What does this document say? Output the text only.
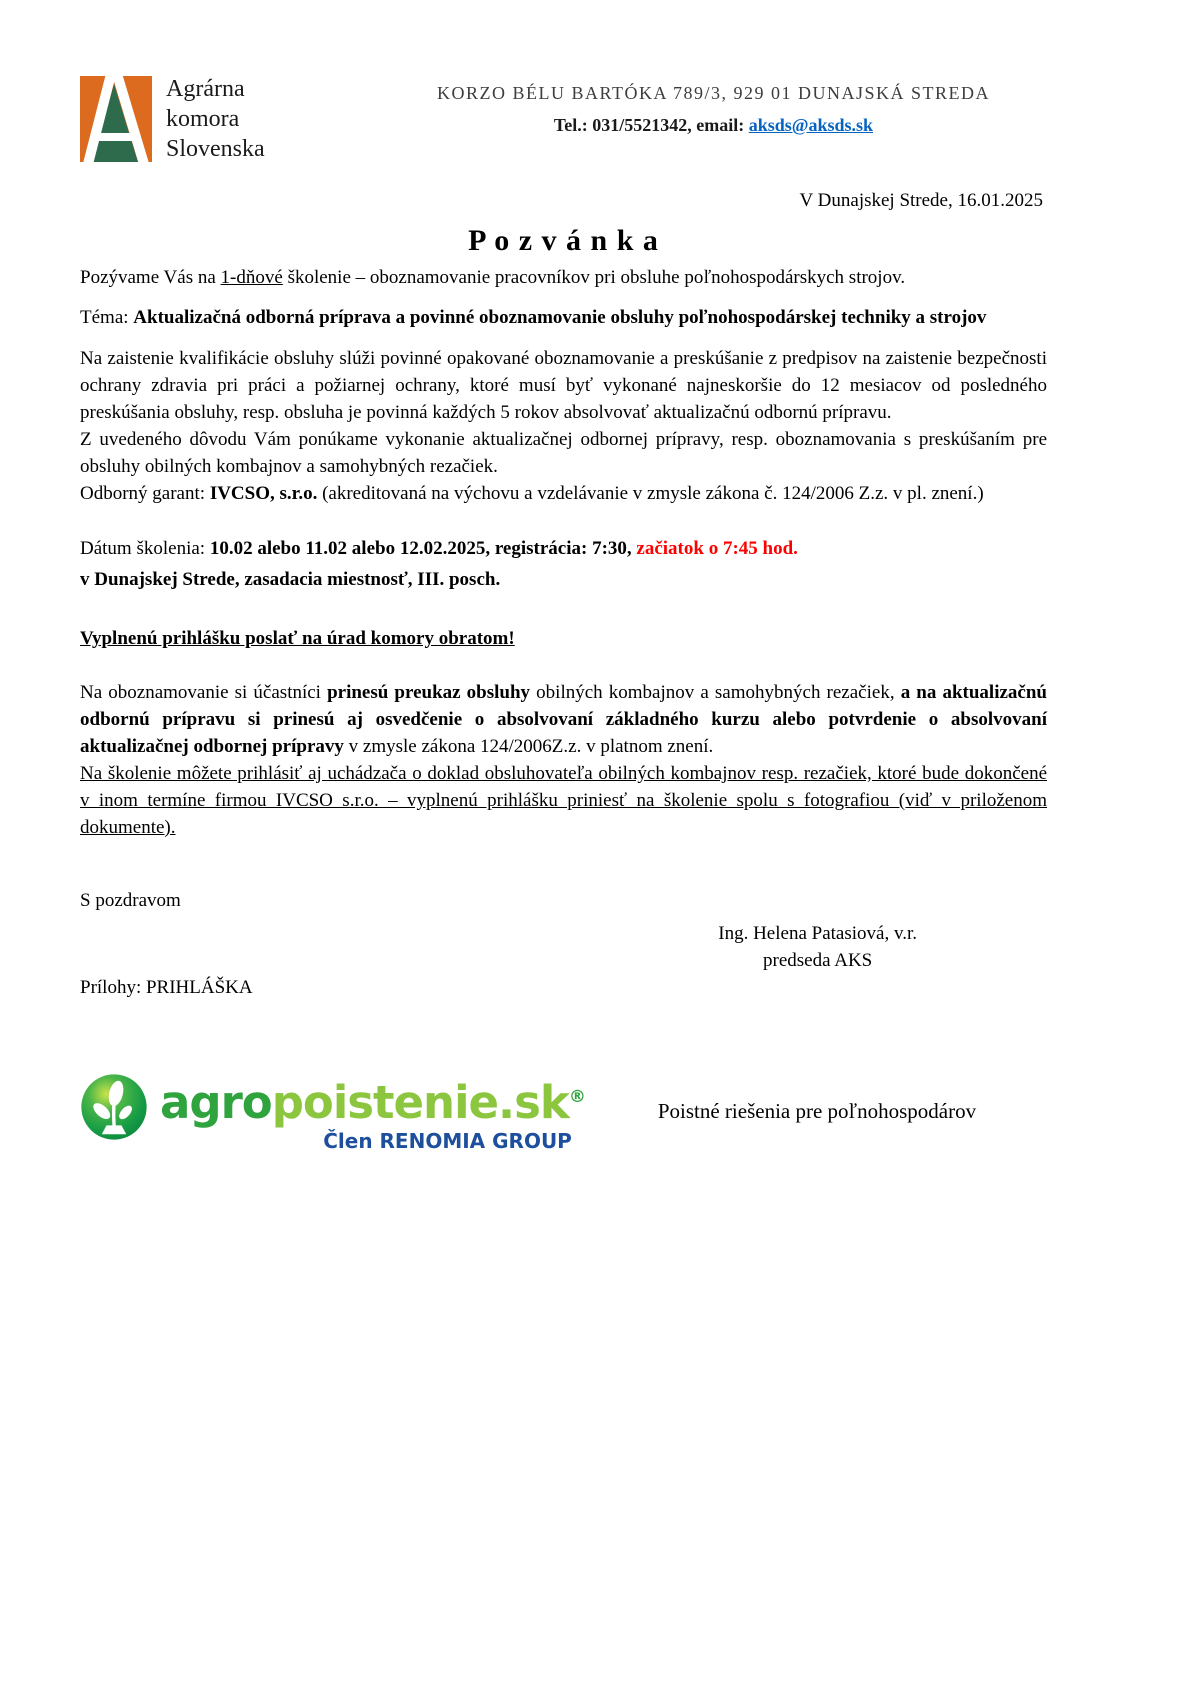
Agrárna
komora
Slovenska
KORZO BÉLU BARTÓKA 789/3, 929 01 DUNAJSKÁ STREDA
Tel.: 031/5521342, email: aksds@aksds.sk
V Dunajskej Strede, 16.01.2025
P o z v á n k a

Pozývame Vás na 1-dňové školenie – oboznamovanie pracovníkov pri obsluhe poľnohospodárskych strojov.

Téma: Aktualizačná odborná príprava a povinné oboznamovanie obsluhy poľnohospodárskej techniky a strojov

Na zaistenie kvalifikácie obsluhy slúži povinné opakované oboznamovanie a preskúšanie z predpisov na zaistenie bezpečnosti ochrany zdravia pri práci a požiarnej ochrany, ktoré musí byť vykonané najneskoršie do 12 mesiacov od posledného preskúšania obsluhy, resp. obsluha je povinná každých 5 rokov absolvovať aktualizačnú odbornú prípravu.

Z uvedeného dôvodu Vám ponúkame vykonanie aktualizačnej odbornej prípravy, resp. oboznamovania s preskúšaním pre obsluhy obilných kombajnov a samohybných rezačiek.

Odborný garant: IVCSO, s.r.o. (akreditovaná na výchovu a vzdelávanie v zmysle zákona č. 124/2006 Z.z. v pl. znení.)

Dátum školenia: 10.02 alebo 11.02 alebo 12.02.2025, registrácia: 7:30, začiatok o 7:45 hod.
v Dunajskej Strede, zasadacia miestnosť, III. posch.

Vyplnenú prihlášku poslať na úrad komory obratom!

Na oboznamovanie si účastníci prinesú preukaz obsluhy obilných kombajnov a samohybných rezačiek, a na aktualizačnú odbornú prípravu si prinesú aj osvedčenie o absolvovaní základného kurzu alebo potvrdenie o absolvovaní aktualizačnej odbornej prípravy v zmysle zákona 124/2006Z.z. v platnom znení.

Na školenie môžete prihlásiť aj uchádzača o doklad obsluhovateľa obilných kombajnov resp. rezačiek, ktoré bude dokončené v inom termíne firmou IVCSO s.r.o. – vyplnenú prihlášku priniesť na školenie spolu s fotografiou (viď v priloženom dokumente).

S pozdravom

Ing. Helena Patasiová, v.r.
predseda AKS

Prílohy: PRIHLÁŠKA

agropoistenie.sk®
Člen RENOMIA GROUP
Poistné riešenia pre poľnohospodárov
